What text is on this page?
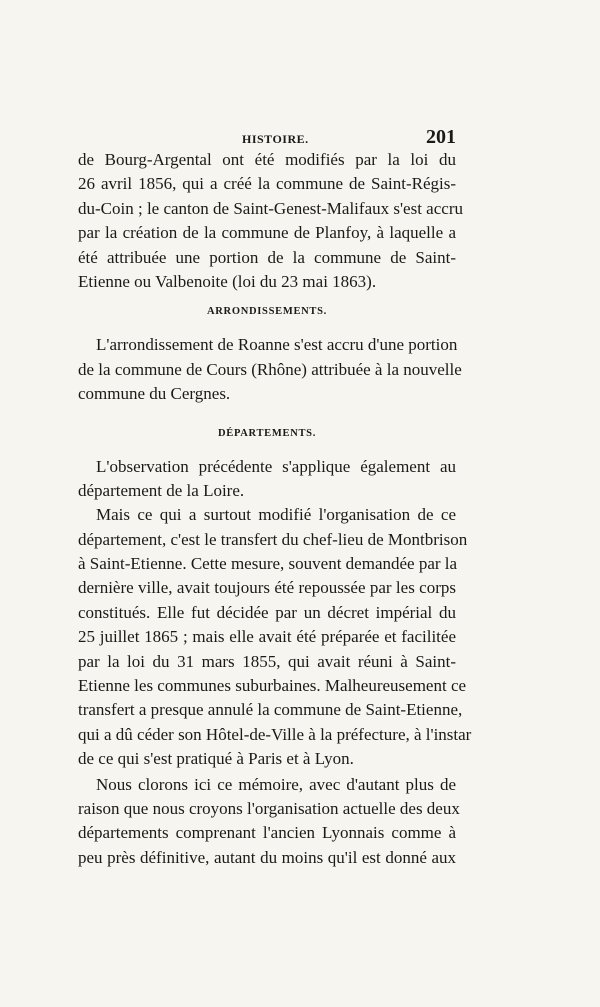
HISTOIRE.	201
de Bourg-Argental ont été modifiés par la loi du
26 avril 1856, qui a créé la commune de Saint-Régis-
du-Coin ; le canton de Saint-Genest-Malifaux s'est accru
par la création de la commune de Planfoy, à laquelle a
été attribuée une portion de la commune de Saint-
Etienne ou Valbenoite (loi du 23 mai 1863).
ARRONDISSEMENTS.
L'arrondissement de Roanne s'est accru d'une portion
de la commune de Cours (Rhône) attribuée à la nouvelle
commune du Cergnes.
DÉPARTEMENTS.
L'observation précédente s'applique également au
département de la Loire.
Mais ce qui a surtout modifié l'organisation de ce
département, c'est le transfert du chef-lieu de Montbrison
à Saint-Etienne. Cette mesure, souvent demandée par la
dernière ville, avait toujours été repoussée par les corps
constitués. Elle fut décidée par un décret impérial du
25 juillet 1865 ; mais elle avait été préparée et facilitée
par la loi du 31 mars 1855, qui avait réuni à Saint-
Etienne les communes suburbaines. Malheureusement ce
transfert a presque annulé la commune de Saint-Etienne,
qui a dû céder son Hôtel-de-Ville à la préfecture, à l'instar
de ce qui s'est pratiqué à Paris et à Lyon.
Nous clorons ici ce mémoire, avec d'autant plus de
raison que nous croyons l'organisation actuelle des deux
départements comprenant l'ancien Lyonnais comme à
peu près définitive, autant du moins qu'il est donné aux
